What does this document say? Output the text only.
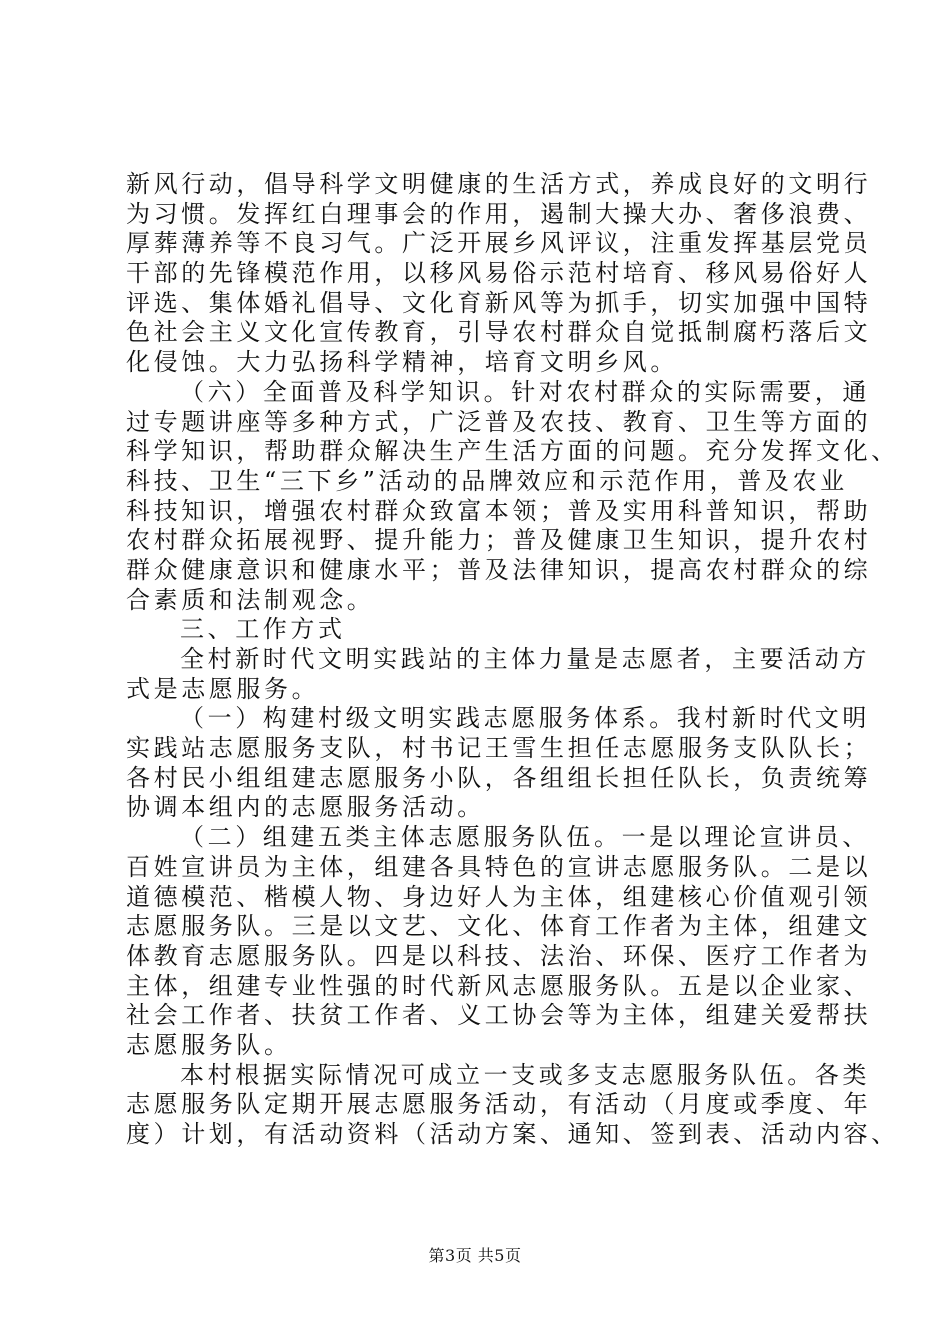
新风行动，倡导科学文明健康的生活方式，养成良好的文明行
为习惯。发挥红白理事会的作用，遏制大操大办、奢侈浪费、
厚葬薄养等不良习气。广泛开展乡风评议，注重发挥基层党员
干部的先锋模范作用，以移风易俗示范村培育、移风易俗好人
评选、集体婚礼倡导、文化育新风等为抓手，切实加强中国特
色社会主义文化宣传教育，引导农村群众自觉抵制腐朽落后文
化侵蚀。大力弘扬科学精神，培育文明乡风。
（六）全面普及科学知识。针对农村群众的实际需要，通
过专题讲座等多种方式，广泛普及农技、教育、卫生等方面的
科学知识，帮助群众解决生产生活方面的问题。充分发挥文化、
科技、卫生“三下乡”活动的品牌效应和示范作用，普及农业
科技知识，增强农村群众致富本领；普及实用科普知识，帮助
农村群众拓展视野、提升能力；普及健康卫生知识，提升农村
群众健康意识和健康水平；普及法律知识，提高农村群众的综
合素质和法制观念。
三、工作方式
全村新时代文明实践站的主体力量是志愿者，主要活动方
式是志愿服务。
（一）构建村级文明实践志愿服务体系。我村新时代文明
实践站志愿服务支队，村书记王雪生担任志愿服务支队队长；
各村民小组组建志愿服务小队，各组组长担任队长，负责统筹
协调本组内的志愿服务活动。
（二）组建五类主体志愿服务队伍。一是以理论宣讲员、
百姓宣讲员为主体，组建各具特色的宣讲志愿服务队。二是以
道德模范、楷模人物、身边好人为主体，组建核心价值观引领
志愿服务队。三是以文艺、文化、体育工作者为主体，组建文
体教育志愿服务队。四是以科技、法治、环保、医疗工作者为
主体，组建专业性强的时代新风志愿服务队。五是以企业家、
社会工作者、扶贫工作者、义工协会等为主体，组建关爱帮扶
志愿服务队。
本村根据实际情况可成立一支或多支志愿服务队伍。各类
志愿服务队定期开展志愿服务活动，有活动（月度或季度、年
度）计划，有活动资料（活动方案、通知、签到表、活动内容、
第3页 共5页
